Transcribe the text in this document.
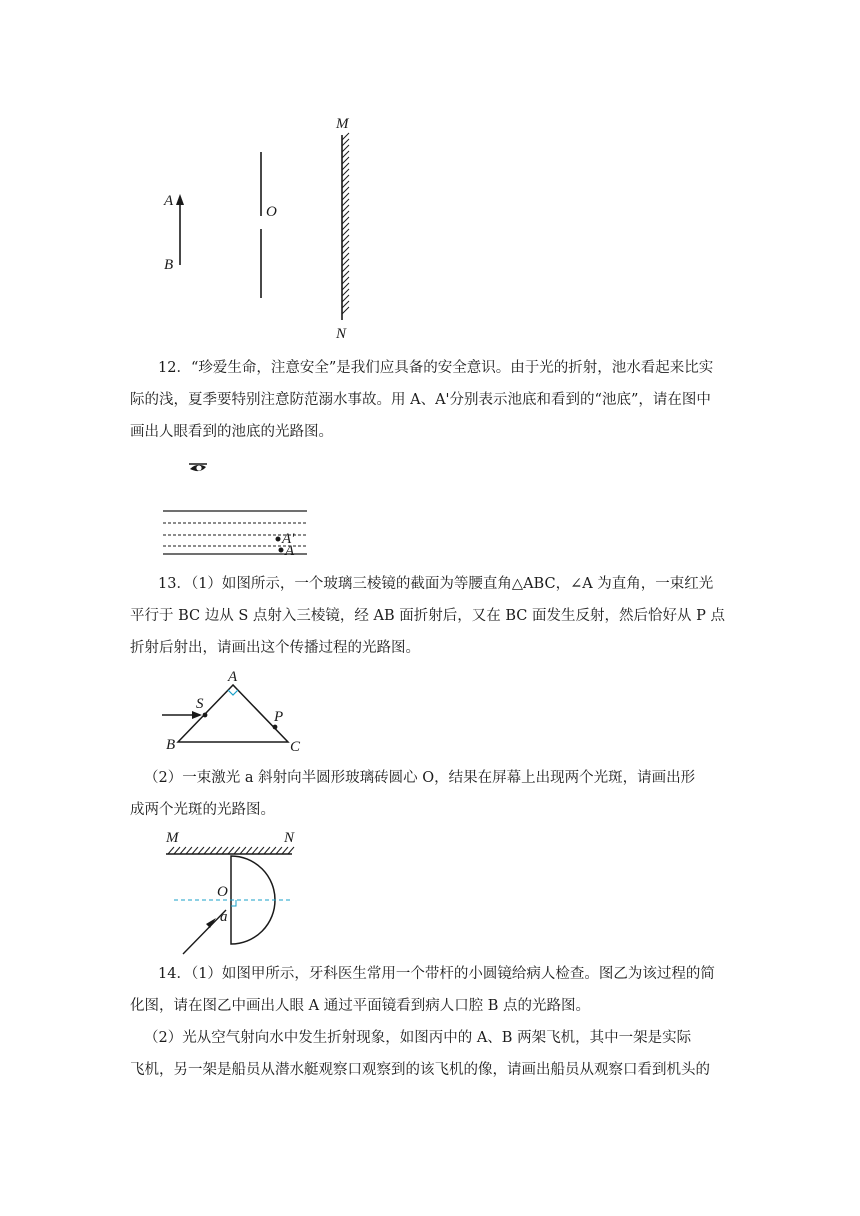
A
B
O
M
N
12．“珍爱生命，注意安全”是我们应具备的安全意识。由于光的折射，池水看起来比实
际的浅，夏季要特别注意防范溺水事故。用 A、A'分别表示池底和看到的“池底”，请在图中
画出人眼看到的池底的光路图。
A'
A
13．（1）如图所示，一个玻璃三棱镜的截面为等腰直角△ABC，∠A 为直角，一束红光
平行于 BC 边从 S 点射入三棱镜，经 AB 面折射后，又在 BC 面发生反射，然后恰好从 P 点
折射后射出，请画出这个传播过程的光路图。
A
B	C
S
P
（2）一束激光 a 斜射向半圆形玻璃砖圆心 O，结果在屏幕上出现两个光斑，请画出形
成两个光斑的光路图。
M	N
O
a
14．（1）如图甲所示，牙科医生常用一个带杆的小圆镜给病人检查。图乙为该过程的简
化图，请在图乙中画出人眼 A 通过平面镜看到病人口腔 B 点的光路图。
（2）光从空气射向水中发生折射现象，如图丙中的 A、B 两架飞机，其中一架是实际
飞机，另一架是船员从潜水艇观察口观察到的该飞机的像，请画出船员从观察口看到机头的
